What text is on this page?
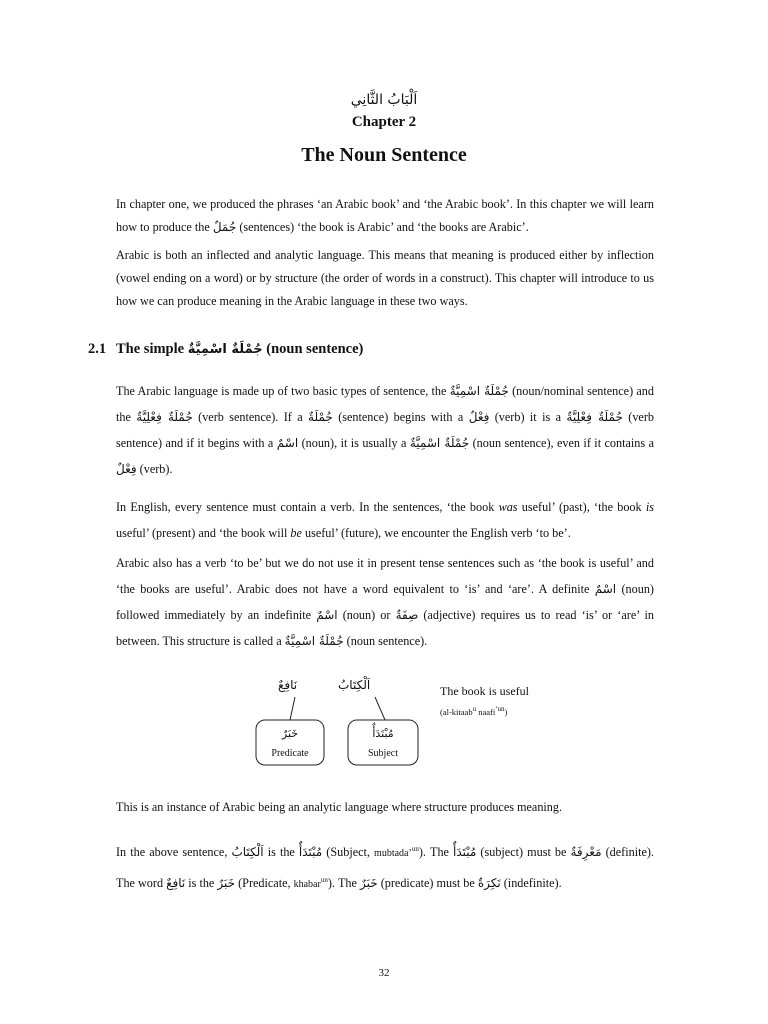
اَلْبَابُ الثَّانِي
Chapter 2
The Noun Sentence

In chapter one, we produced the phrases ‘an Arabic book’ and ‘the Arabic book’. In this chapter we will learn how to produce the جُمَلٌ (sentences) ‘the book is Arabic’ and ‘the books are Arabic’.

Arabic is both an inflected and analytic language. This means that meaning is produced either by inflection (vowel ending on a word) or by structure (the order of words in a construct). This chapter will introduce to us how we can produce meaning in the Arabic language in these two ways.

2.1 The simple جُمْلَةٌ اسْمِيَّةٌ (noun sentence)

The Arabic language is made up of two basic types of sentence, the جُمْلَةٌ اسْمِيَّةٌ (noun/nominal sentence) and the جُمْلَةٌ فِعْلِيَّةٌ (verb sentence). If a جُمْلَةٌ (sentence) begins with a فِعْلٌ (verb) it is a جُمْلَةٌ فِعْلِيَّةٌ (verb sentence) and if it begins with a اسْمٌ (noun), it is usually a جُمْلَةٌ اسْمِيَّةٌ (noun sentence), even if it contains a فِعْلٌ (verb).

In English, every sentence must contain a verb. In the sentences, ‘the book was useful’ (past), ‘the book is useful’ (present) and ‘the book will be useful’ (future), we encounter the English verb ‘to be’.

Arabic also has a verb ‘to be’ but we do not use it in present tense sentences such as ‘the book is useful’ and ‘the books are useful’. Arabic does not have a word equivalent to ‘is’ and ‘are’. A definite اسْمٌ (noun) followed immediately by an indefinite اسْمٌ (noun) or صِفَةٌ (adjective) requires us to read ‘is’ or ‘are’ in between. This structure is called a جُمْلَةٌ اسْمِيَّةٌ (noun sentence).

نَافِعٌ	اَلْكِتَابُ	The book is useful
(al-kitaab$^u$ naafi$^{‘un}$)
خَبَرٌ
Predicate
مُبْتَدَأٌ
Subject

This is an instance of Arabic being an analytic language where structure produces meaning.

In the above sentence, اَلْكِتَابُ is the مُبْتَدَأٌ (Subject, mubtada’$^{un}$). The مُبْتَدَأٌ (subject) must be مَعْرِفَةٌ (definite). The word نَافِعٌ is the خَبَرٌ (Predicate, khabar$^{un}$). The خَبَرٌ (predicate) must be نَكِرَةٌ (indefinite).

32
